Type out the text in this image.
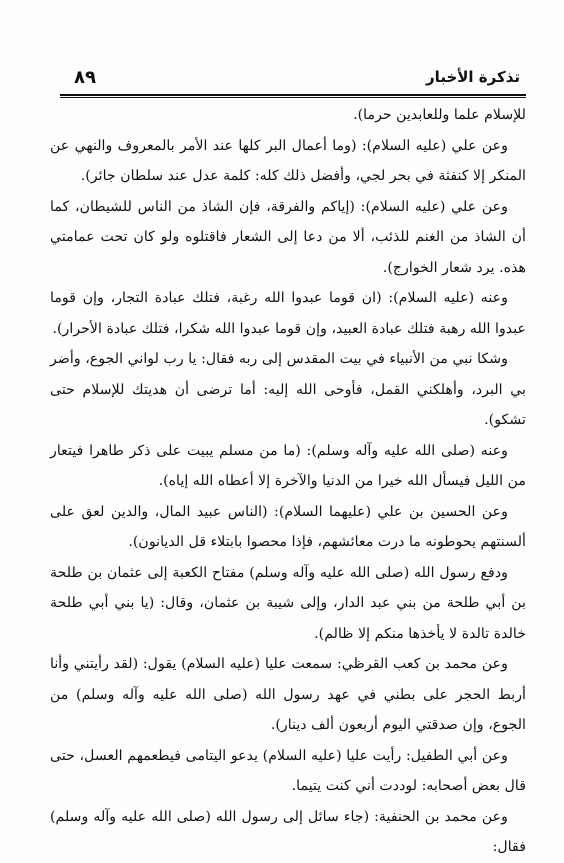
٨٩	تذكرة الأخبار

للإسلام علما وللعابدين حرما).

وعن علي (عليه السلام): (وما أعمال البر كلها عند الأمر بالمعروف والنهي عن المنكر إلا كنفثة في بحر لجي، وأفضل ذلك كله: كلمة عدل عند سلطان جائر).

وعن علي (عليه السلام): (إياكم والفرقة، فإن الشاذ من الناس للشيطان، كما أن الشاذ من الغنم للذئب، ألا من دعا إلى الشعار فاقتلوه ولو كان تحت عمامتي هذه. يرد شعار الخوارج).

وعنه (عليه السلام): (ان قوما عبدوا الله رغبة، فتلك عبادة التجار، وإن قوما عبدوا الله رهبة فتلك عبادة العبيد، وإن قوما عبدوا الله شكرا، فتلك عبادة الأحرار).

وشكا نبي من الأنبياء في بيت المقدس إلى ربه فقال: يا رب لواني الجوع، وأضر بي البرد، وأهلكني القمل، فأوحى الله إليه: أما ترضى أن هديتك للإسلام حتى تشكو).

وعنه (صلى الله عليه وآله وسلم): (ما من مسلم يبيت على ذكر طاهرا فيتعار من الليل فيسأل الله خيرا من الدنيا والآخرة إلا أعطاه الله إياه).

وعن الحسين بن علي (عليهما السلام): (الناس عبيد المال، والدين لعق على ألسنتهم يحوطونه ما درت معائشهم، فإذا محصوا بابتلاء قل الديانون).

ودفع رسول الله (صلى الله عليه وآله وسلم) مفتاح الكعبة إلى عثمان بن طلحة بن أبي طلحة من بني عبد الدار، وإلى شيبة بن عثمان، وقال: (يا بني أبي طلحة خالدة تالدة لا يأخذها منكم إلا ظالم).

وعن محمد بن كعب القرظي: سمعت عليا (عليه السلام) يقول: (لقد رأيتني وأنا أربط الحجر على بطني في عهد رسول الله (صلى الله عليه وآله وسلم) من الجوع، وإن صدقتي اليوم أربعون ألف دينار).

وعن أبي الطفيل: رأيت عليا (عليه السلام) يدعو اليتامى فيطعمهم العسل، حتى قال بعض أصحابه: لوددت أني كنت يتيما.

وعن محمد بن الحنفية: (جاء سائل إلى رسول الله (صلى الله عليه وآله وسلم) فقال:
